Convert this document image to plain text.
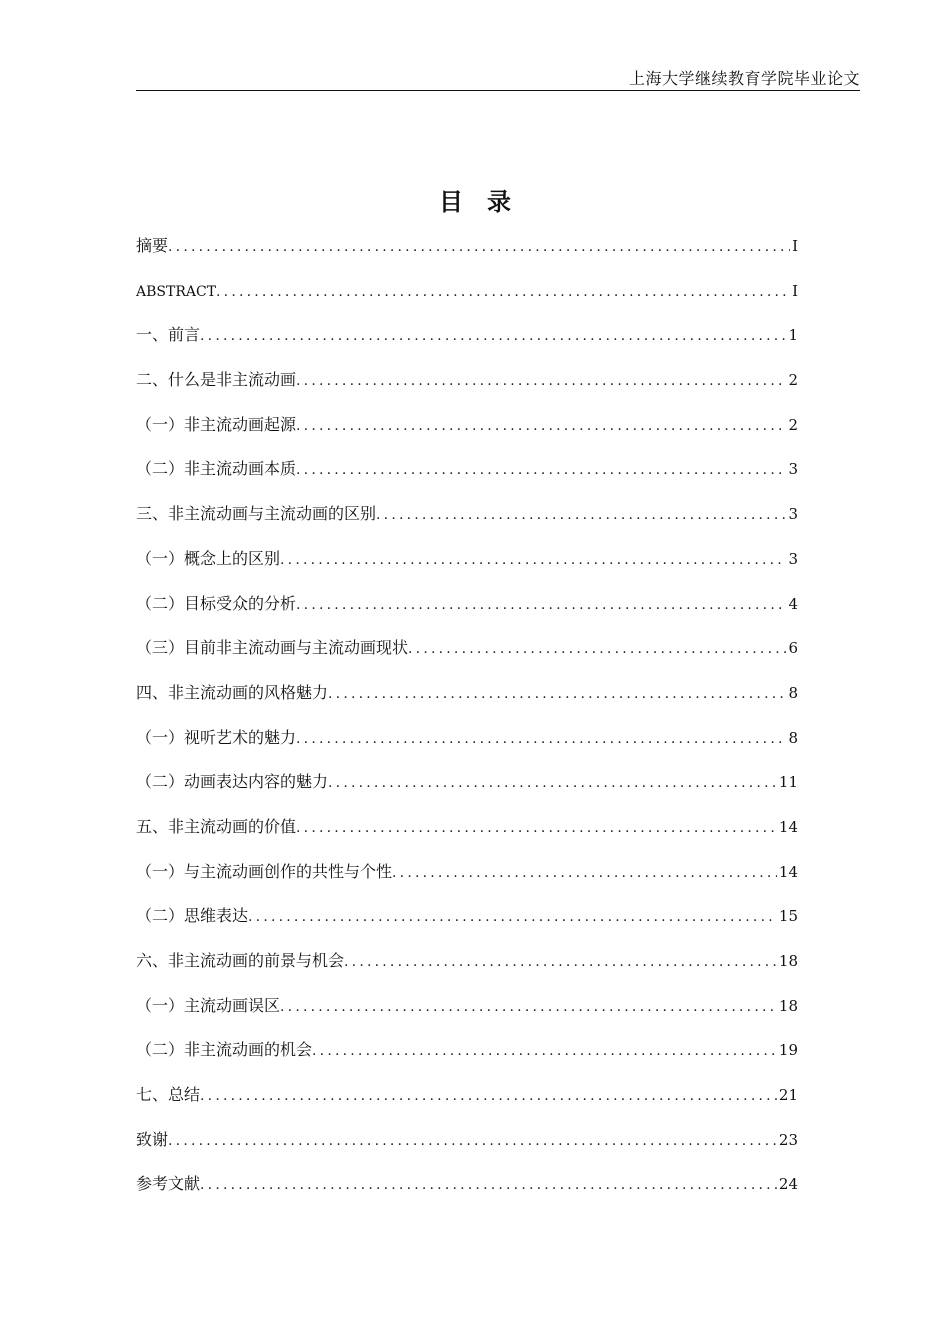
上海大学继续教育学院毕业论文
目录
摘要 .....	I
ABSTRACT .....	I
一、前言 .....	1
二、什么是非主流动画 .....	2
（一）非主流动画起源 .....	2
（二）非主流动画本质 .....	3
三、非主流动画与主流动画的区别 .....	3
（一）概念上的区别 .....	3
（二）目标受众的分析 .....	4
（三）目前非主流动画与主流动画现状 .....	6
四、非主流动画的风格魅力 .....	8
（一）视听艺术的魅力 .....	8
（二）动画表达内容的魅力 .....	11
五、非主流动画的价值 .....	14
（一）与主流动画创作的共性与个性 .....	14
（二）思维表达 .....	15
六、非主流动画的前景与机会 .....	18
（一）主流动画误区 .....	18
（二）非主流动画的机会 .....	19
七、总结 .....	21
致谢 .....	23
参考文献 .....	24
